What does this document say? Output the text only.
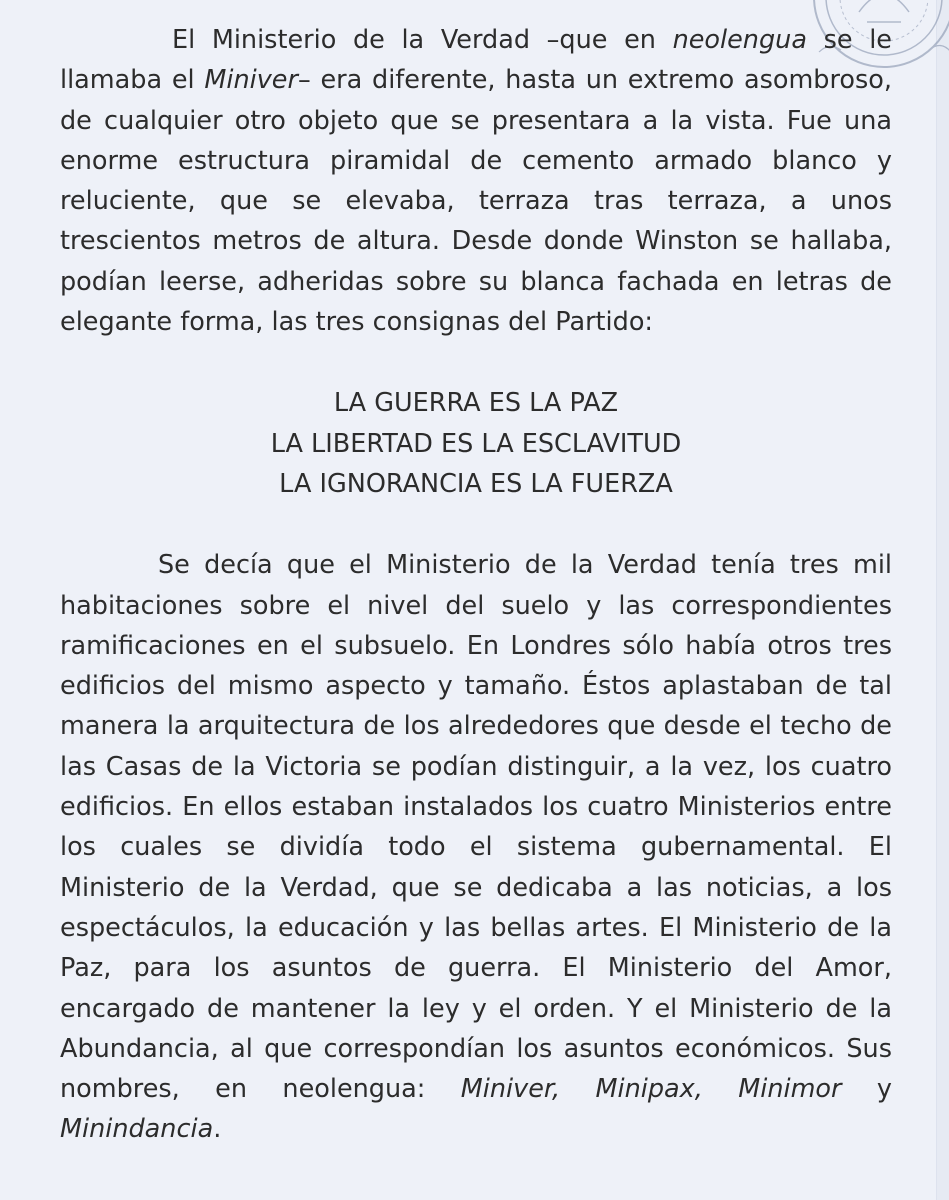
El Ministerio de la Verdad –que en neolengua se le llamaba el Miniver– era diferente, hasta un extremo asombroso, de cualquier otro objeto que se presentara a la vista. Fue una enorme estructura piramidal de cemento armado blanco y reluciente, que se elevaba, terraza tras terraza, a unos trescientos metros de altura. Desde donde Winston se hallaba, podían leerse, adheridas sobre su blanca fachada en letras de elegante forma, las tres consignas del Partido:

LA GUERRA ES LA PAZ
LA LIBERTAD ES LA ESCLAVITUD
LA IGNORANCIA ES LA FUERZA

Se decía que el Ministerio de la Verdad tenía tres mil habitaciones sobre el nivel del suelo y las correspondientes ramificaciones en el subsuelo. En Londres sólo había otros tres edificios del mismo aspecto y tamaño. Éstos aplastaban de tal manera la arquitectura de los alrededores que desde el techo de las Casas de la Victoria se podían distinguir, a la vez, los cuatro edificios. En ellos estaban instalados los cuatro Ministerios entre los cuales se dividía todo el sistema gubernamental. El Ministerio de la Verdad, que se dedicaba a las noticias, a los espectáculos, la educación y las bellas artes. El Ministerio de la Paz, para los asuntos de guerra. El Ministerio del Amor, encargado de mantener la ley y el orden. Y el Ministerio de la Abundancia, al que correspondían los asuntos económicos. Sus nombres, en neolengua: Miniver, Minipax, Minimor y Minindancia.
